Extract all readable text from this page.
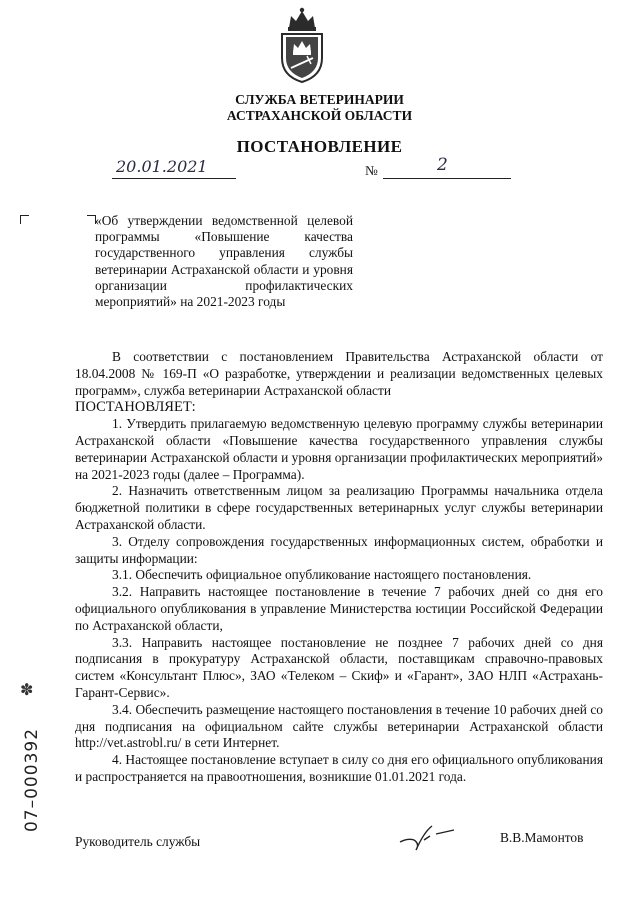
СЛУЖБА ВЕТЕРИНАРИИ
АСТРАХАНСКОЙ ОБЛАСТИ
ПОСТАНОВЛЕНИЕ
20.01.2021	№	2
«Об утверждении ведомственной целевой программы «Повышение качества государственного управления службы ветеринарии Астраханской области и уровня организации профилактических мероприятий» на 2021-2023 годы

В соответствии с постановлением Правительства Астраханской области от 18.04.2008 № 169-П «О разработке, утверждении и реализации ведомственных целевых программ», служба ветеринарии Астраханской области

ПОСТАНОВЛЯЕТ:

1. Утвердить прилагаемую ведомственную целевую программу службы ветеринарии Астраханской области «Повышение качества государственного управления службы ветеринарии Астраханской области и уровня организации профилактических мероприятий» на 2021-2023 годы (далее – Программа).

2. Назначить ответственным лицом за реализацию Программы начальника отдела бюджетной политики в сфере государственных ветеринарных услуг службы ветеринарии Астраханской области.

3. Отделу сопровождения государственных информационных систем, обработки и защиты информации:

3.1. Обеспечить официальное опубликование настоящего постановления.

3.2. Направить настоящее постановление в течение 7 рабочих дней со дня его официального опубликования в управление Министерства юстиции Российской Федерации по Астраханской области,

3.3. Направить настоящее постановление не позднее 7 рабочих дней со дня подписания в прокуратуру Астраханской области, поставщикам справочно-правовых систем «Консультант Плюс», ЗАО «Телеком – Скиф» и «Гарант», ЗАО НЛП «Астрахань-Гарант-Сервис».

3.4. Обеспечить размещение настоящего постановления в течение 10 рабочих дней со дня подписания на официальном сайте службы ветеринарии Астраханской области http://vet.astrobl.ru/ в сети Интернет.

4. Настоящее постановление вступает в силу со дня его официального опубликования и распространяется на правоотношения, возникшие 01.01.2021 года.

✽
07–000392
Руководитель службы	В.В.Мамонтов
